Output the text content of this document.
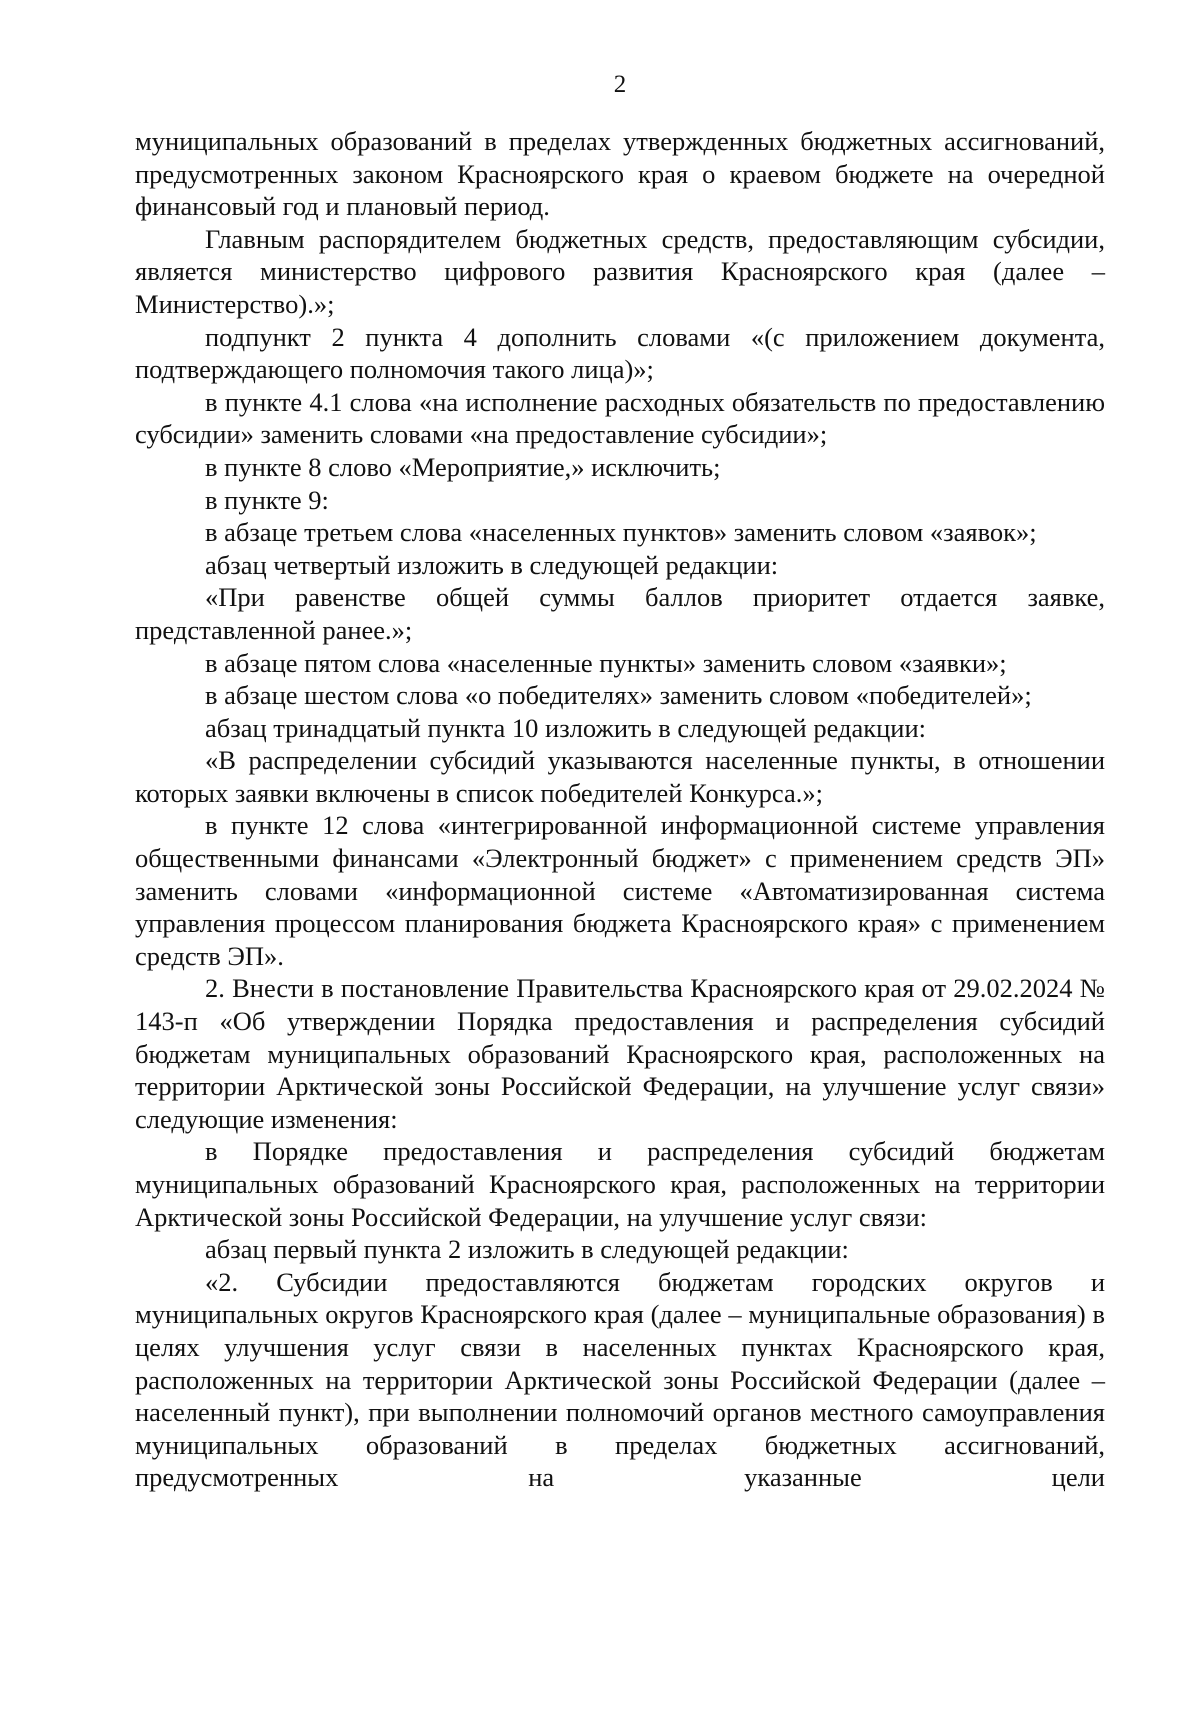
2

муниципальных образований в пределах утвержденных бюджетных ассигнований, предусмотренных законом Красноярского края о краевом бюджете на очередной финансовый год и плановый период.

Главным распорядителем бюджетных средств, предоставляющим субсидии, является министерство цифрового развития Красноярского края (далее – Министерство).»;

подпункт 2 пункта 4 дополнить словами «(с приложением документа, подтверждающего полномочия такого лица)»;

в пункте 4.1 слова «на исполнение расходных обязательств по предоставлению субсидии» заменить словами «на предоставление субсидии»;

в пункте 8 слово «Мероприятие,» исключить;

в пункте 9:

в абзаце третьем слова «населенных пунктов» заменить словом «заявок»;

абзац четвертый изложить в следующей редакции:

«При равенстве общей суммы баллов приоритет отдается заявке, представленной ранее.»;

в абзаце пятом слова «населенные пункты» заменить словом «заявки»;

в абзаце шестом слова «о победителях» заменить словом «победителей»;

абзац тринадцатый пункта 10 изложить в следующей редакции:

«В распределении субсидий указываются населенные пункты, в отношении которых заявки включены в список победителей Конкурса.»;

в пункте 12 слова «интегрированной информационной системе управления общественными финансами «Электронный бюджет» с применением средств ЭП» заменить словами «информационной системе «Автоматизированная система управления процессом планирования бюджета Красноярского края» с применением средств ЭП».

2. Внести в постановление Правительства Красноярского края от 29.02.2024 № 143-п «Об утверждении Порядка предоставления и распределения субсидий бюджетам муниципальных образований Красноярского края, расположенных на территории Арктической зоны Российской Федерации, на улучшение услуг связи» следующие изменения:

в Порядке предоставления и распределения субсидий бюджетам муниципальных образований Красноярского края, расположенных на территории Арктической зоны Российской Федерации, на улучшение услуг связи:

абзац первый пункта 2 изложить в следующей редакции:

«2. Субсидии предоставляются бюджетам городских округов и муниципальных округов Красноярского края (далее – муниципальные образования) в целях улучшения услуг связи в населенных пунктах Красноярского края, расположенных на территории Арктической зоны Российской Федерации (далее – населенный пункт), при выполнении полномочий органов местного самоуправления муниципальных образований в пределах бюджетных ассигнований, предусмотренных на указанные цели
